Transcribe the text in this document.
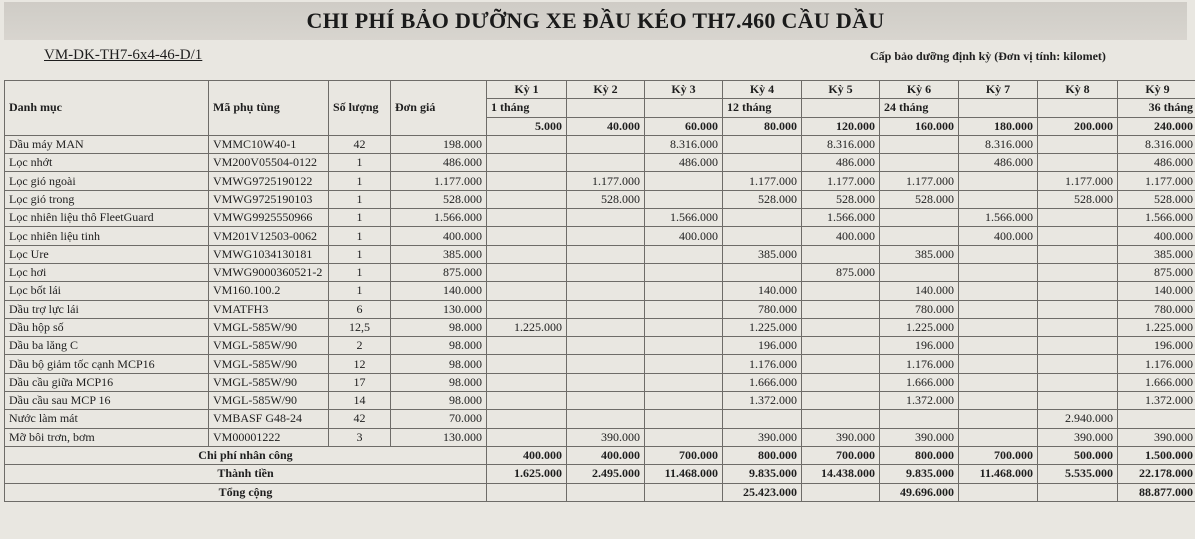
CHI PHÍ BẢO DƯỠNG XE ĐẦU KÉO TH7.460 CẦU DẦU
VM-DK-TH7-6x4-46-D/1	Cấp bảo dưỡng định kỳ (Đơn vị tính: kilomet)
Danh mục	Mã phụ tùng	Số lượng	Đơn giá	Kỳ 1	Kỳ 2	Kỳ 3	Kỳ 4	Kỳ 5	Kỳ 6	Kỳ 7	Kỳ 8	Kỳ 9
				1 tháng			12 tháng		24 tháng			36 tháng
				5.000	40.000	60.000	80.000	120.000	160.000	180.000	200.000	240.000
Dầu máy MAN	VMMC10W40-1	42	198.000			8.316.000		8.316.000		8.316.000		8.316.000
Lọc nhớt	VM200V05504-0122	1	486.000			486.000		486.000		486.000		486.000
Lọc gió ngoài	VMWG9725190122	1	1.177.000		1.177.000		1.177.000	1.177.000	1.177.000		1.177.000	1.177.000
Lọc gió trong	VMWG9725190103	1	528.000		528.000		528.000	528.000	528.000		528.000	528.000
Lọc nhiên liệu thô FleetGuard	VMWG9925550966	1	1.566.000			1.566.000		1.566.000		1.566.000		1.566.000
Lọc nhiên liệu tinh	VM201V12503-0062	1	400.000			400.000		400.000		400.000		400.000
Lọc Ure	VMWG1034130181	1	385.000				385.000		385.000			385.000
Lọc hơi	VMWG9000360521-2	1	875.000					875.000				875.000
Lọc bốt lái	VM160.100.2	1	140.000				140.000		140.000			140.000
Dầu trợ lực lái	VMATFH3	6	130.000				780.000		780.000			780.000
Dầu hộp số	VMGL-585W/90	12,5	98.000	1.225.000			1.225.000		1.225.000			1.225.000
Dầu ba lăng C	VMGL-585W/90	2	98.000				196.000		196.000			196.000
Dầu bộ giảm tốc cạnh MCP16	VMGL-585W/90	12	98.000				1.176.000		1.176.000			1.176.000
Dầu cầu giữa MCP16	VMGL-585W/90	17	98.000				1.666.000		1.666.000			1.666.000
Dầu cầu sau MCP 16	VMGL-585W/90	14	98.000				1.372.000		1.372.000			1.372.000
Nước làm mát	VMBASF G48-24	42	70.000								2.940.000	
Mỡ bôi trơn, bơm	VM00001222	3	130.000		390.000		390.000	390.000	390.000		390.000	390.000
Chi phí nhân công				400.000	400.000	700.000	800.000	700.000	800.000	700.000	500.000	1.500.000
Thành tiền				1.625.000	2.495.000	11.468.000	9.835.000	14.438.000	9.835.000	11.468.000	5.535.000	22.178.000
Tổng cộng							25.423.000		49.696.000			88.877.000
